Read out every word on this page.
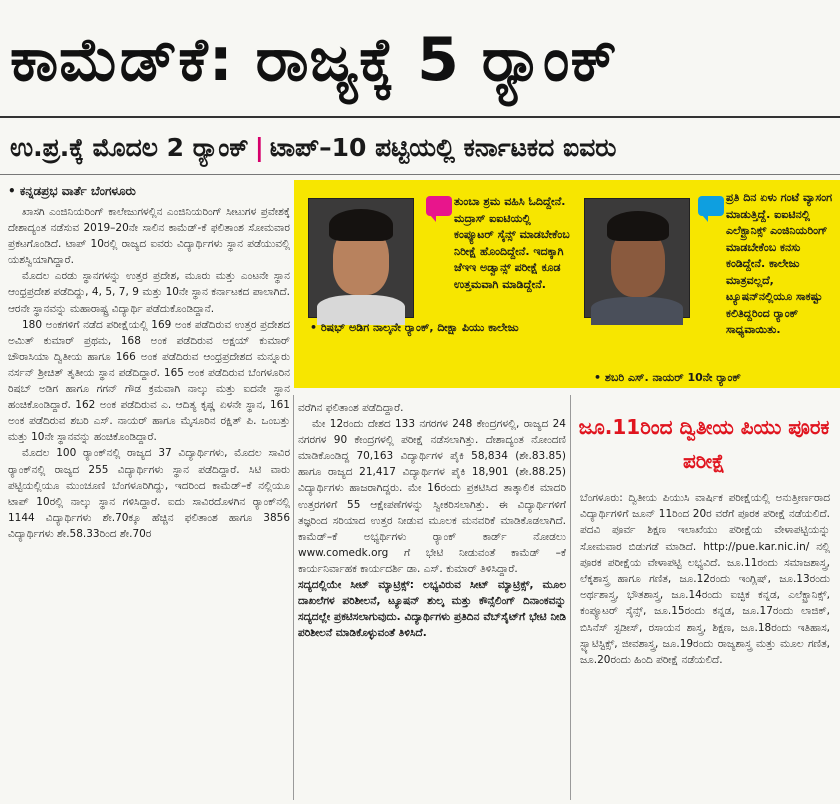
ಕಾಮೆಡ್‌ಕೆ: ರಾಜ್ಯಕ್ಕೆ 5 ರ‍್ಯಾಂಕ್
ಉ.ಪ್ರ.ಕ್ಕೆ ಮೊದಲ 2 ರ‍್ಯಾಂಕ್ | ಟಾಪ್‌–10 ಪಟ್ಟಿಯಲ್ಲಿ ಕರ್ನಾಟಕದ ಐವರು
• ಕನ್ನಡಪ್ರಭ ವಾರ್ತೆ ಬೆಂಗಳೂರು

ಖಾಸಗಿ ಎಂಜಿನಿಯರಿಂಗ್ ಕಾಲೇಜುಗಳಲ್ಲಿನ ಎಂಜಿನಿಯರಿಂಗ್ ಸೀಟುಗಳ ಪ್ರವೇಶಕ್ಕೆ ದೇಶಾದ್ಯಂತ ನಡೆಸುವ 2019–20ನೇ ಸಾಲಿನ ಕಾಮೆಡ್-ಕೆ ಫಲಿತಾಂಶ ಸೋಮವಾರ ಪ್ರಕಟಗೊಂಡಿದೆ. ಟಾಪ್ 10ರಲ್ಲಿ ರಾಜ್ಯದ ಐವರು ವಿದ್ಯಾರ್ಥಿಗಳು ಸ್ಥಾನ ಪಡೆಯುವಲ್ಲಿ ಯಶಸ್ವಿಯಾಗಿದ್ದಾರೆ.

ಮೊದಲ ಎರಡು ಸ್ಥಾನಗಳನ್ನು ಉತ್ತರ ಪ್ರದೇಶ, ಮೂರು ಮತ್ತು ಎಂಟನೇ ಸ್ಥಾನ ಆಂಧ್ರಪ್ರದೇಶ ಪಡೆದಿದ್ದು, 4, 5, 7, 9 ಮತ್ತು 10ನೇ ಸ್ಥಾನ ಕರ್ನಾಟಕದ ಪಾಲಾಗಿದೆ. ಆರನೇ ಸ್ಥಾನವನ್ನು ಮಹಾರಾಷ್ಟ್ರ ವಿದ್ಯಾರ್ಥಿ ಪಡೆದುಕೊಂಡಿದ್ದಾನೆ.

180 ಅಂಕಗಳಿಗೆ ನಡೆದ ಪರೀಕ್ಷೆಯಲ್ಲಿ 169 ಅಂಕ ಪಡೆದಿರುವ ಉತ್ತರ ಪ್ರದೇಶದ ಅಮಿತ್ ಕುಮಾರ್ ಪ್ರಥಮ, 168 ಅಂಕ ಪಡೆದಿರುವ ಅಕ್ಷಯ್ ಕುಮಾರ್ ಚೌರಾಸಿಯಾ ದ್ವಿತೀಯ ಹಾಗೂ 166 ಅಂಕ ಪಡೆದಿರುವ ಆಂಧ್ರಪ್ರದೇಶದ ಮನ್ನೂರು ನರ್ಸನ್ ಶ್ರೀಚಿತ್ ತೃತೀಯ ಸ್ಥಾನ ಪಡೆದಿದ್ದಾರೆ. 165 ಅಂಕ ಪಡೆದಿರುವ ಬೆಂಗಳೂರಿನ ರಿಷಬ್ ಅಡಿಗ ಹಾಗೂ ಗಗನ್ ಗೌಡ ಕ್ರಮವಾಗಿ ನಾಲ್ಕು ಮತ್ತು ಐದನೇ ಸ್ಥಾನ ಹಂಚಿಕೊಂಡಿದ್ದಾರೆ. 162 ಅಂಕ ಪಡೆದಿರುವ ಎ. ಆದಿತ್ಯ ಕೃಷ್ಣ ಏಳನೇ ಸ್ಥಾನ, 161 ಅಂಕ ಪಡೆದಿರುವ ಶಬರಿ ಎಸ್. ನಾಯರ್ ಹಾಗೂ ಮೈಸೂರಿನ ರಕ್ಷಿತ್ ಪಿ. ಒಂಬತ್ತು ಮತ್ತು 10ನೇ ಸ್ಥಾನವನ್ನು ಹಂಚಿಕೊಂಡಿದ್ದಾರೆ.

ಮೊದಲ 100 ರ‍್ಯಾಂಕ್‌ನಲ್ಲಿ ರಾಜ್ಯದ 37 ವಿದ್ಯಾರ್ಥಿಗಳು, ಮೊದಲ ಸಾವಿರ ರ‍್ಯಾಂಕ್‌ನಲ್ಲಿ ರಾಜ್ಯದ 255 ವಿದ್ಯಾರ್ಥಿಗಳು ಸ್ಥಾನ ಪಡೆದಿದ್ದಾರೆ. ಸಿಟಿ ವಾರು ಪಟ್ಟಿಯಲ್ಲಿಯೂ ಮುಂಚೂಣಿ ಬೆಂಗಳೂರಿಗಿದ್ದು, ಇದರಿಂದ ಕಾಮೆಡ್–ಕೆ ನಲ್ಲಿಯೂ ಟಾಪ್ 10ರಲ್ಲಿ ನಾಲ್ಕು ಸ್ಥಾನ ಗಳಿಸಿದ್ದಾರೆ. ಐದು ಸಾವಿರದೊಳಗಿನ ರ‍್ಯಾಂಕ್‌ನಲ್ಲಿ 1144 ವಿದ್ಯಾರ್ಥಿಗಳು ಶೇ.70ಕ್ಕೂ ಹೆಚ್ಚಿನ ಫಲಿತಾಂಶ ಹಾಗೂ 3856 ವಿದ್ಯಾರ್ಥಿಗಳು ಶೇ.58.33ರಿಂದ ಶೇ.70ರ

ತುಂಬಾ ಶ್ರಮ ವಹಿಸಿ ಓದಿದ್ದೇನೆ. ಮದ್ರಾಸ್ ಐಐಟಿಯಲ್ಲಿ ಕಂಪ್ಯೂಟರ್ ಸೈನ್ಸ್ ಮಾಡಬೇಕೆಂಬ ನಿರೀಕ್ಷೆ ಹೊಂದಿದ್ದೇನೆ. ಇದಕ್ಕಾಗಿ ಜೆಇಇ ಅಡ್ವಾನ್ಸ್ ಪರೀಕ್ಷೆ ಕೂಡ ಉತ್ತಮವಾಗಿ ಮಾಡಿದ್ದೇನೆ.
• ರಿಷಭ್ ಅಡಿಗ ನಾಲ್ಕನೇ ರ‍್ಯಾಂಕ್, ದೀಕ್ಷಾ ಪಿಯು ಕಾಲೇಜು
ಪ್ರತಿ ದಿನ ಏಳು ಗಂಟೆ ವ್ಯಾಸಂಗ ಮಾಡುತ್ತಿದ್ದೆ. ಐಐಟಿನಲ್ಲಿ ಎಲೆಕ್ಟ್ರಾನಿಕ್ಸ್ ಎಂಜಿನಿಯರಿಂಗ್ ಮಾಡಬೇಕೆಂಬ ಕನಸು ಕಂಡಿದ್ದೇನೆ. ಕಾಲೇಜು ಮಾತ್ರವಲ್ಲದೆ, ಟ್ಯೂಷನ್‌ನಲ್ಲಿಯೂ ಸಾಕಷ್ಟು ಕಲಿತಿದ್ದರಿಂದ ರ‍್ಯಾಂಕ್ ಸಾಧ್ಯವಾಯಿತು.
• ಶಬರಿ ಎಸ್. ನಾಯರ್ 10ನೇ ರ‍್ಯಾಂಕ್

ವರೆಗಿನ ಫಲಿತಾಂಶ ಪಡೆದಿದ್ದಾರೆ.

ಮೇ 12ರಂದು ದೇಶದ 133 ನಗರಗಳ 248 ಕೇಂದ್ರಗಳಲ್ಲಿ, ರಾಜ್ಯದ 24 ನಗರಗಳ 90 ಕೇಂದ್ರಗಳಲ್ಲಿ ಪರೀಕ್ಷೆ ನಡೆಸಲಾಗಿತ್ತು. ದೇಶಾದ್ಯಂತ ನೋಂದಣಿ ಮಾಡಿಕೊಂಡಿದ್ದ 70,163 ವಿದ್ಯಾರ್ಥಿಗಳ ಪೈಕಿ 58,834 (ಶೇ.83.85) ಹಾಗೂ ರಾಜ್ಯದ 21,417 ವಿದ್ಯಾರ್ಥಿಗಳ ಪೈಕಿ 18,901 (ಶೇ.88.25) ವಿದ್ಯಾರ್ಥಿಗಳು ಹಾಜರಾಗಿದ್ದರು. ಮೇ 16ರಂದು ಪ್ರಕಟಿಸಿದ ತಾತ್ಕಾಲಿಕ ಮಾದರಿ ಉತ್ತರಗಳಿಗೆ 55 ಆಕ್ಷೇಪಣೆಗಳನ್ನು ಸ್ವೀಕರಿಸಲಾಗಿತ್ತು. ಈ ವಿದ್ಯಾರ್ಥಿಗಳಿಗೆ ತಜ್ಞರಿಂದ ಸರಿಯಾದ ಉತ್ತರ ನೀಡುವ ಮೂಲಕ ಮನವರಿಕೆ ಮಾಡಿಕೊಡಲಾಗಿದೆ. ಕಾಮೆಡ್–ಕೆ ಅಭ್ಯರ್ಥಿಗಳು ರ‍್ಯಾಂಕ್ ಕಾರ್ಡ್ ನೋಡಲು www.comedk.org ಗೆ ಭೇಟಿ ನೀಡುವಂತೆ ಕಾಮೆಡ್ –ಕೆ ಕಾರ್ಯನಿರ್ವಾಹಕ ಕಾರ್ಯದರ್ಶಿ ಡಾ. ಎಸ್. ಕುಮಾರ್ ತಿಳಿಸಿದ್ದಾರೆ.

ಸದ್ಯದಲ್ಲಿಯೇ ಸೀಟ್ ಮ್ಯಾಟ್ರಿಕ್ಸ್: ಲಭ್ಯವಿರುವ ಸೀಟ್ ಮ್ಯಾಟ್ರಿಕ್ಸ್, ಮೂಲ ದಾಖಲೆಗಳ ಪರಿಶೀಲನೆ, ಟ್ಯೂಷನ್ ಶುಲ್ಕ ಮತ್ತು ಕೌನ್ಸೆಲಿಂಗ್ ದಿನಾಂಕವನ್ನು ಸದ್ಯದಲ್ಲೇ ಪ್ರಕಟಿಸಲಾಗುವುದು. ವಿದ್ಯಾರ್ಥಿಗಳು ಪ್ರತಿದಿನ ವೆಬ್‌ಸೈಟ್‌ಗೆ ಭೇಟಿ ನೀಡಿ ಪರಿಶೀಲನೆ ಮಾಡಿಕೊಳ್ಳುವಂತೆ ತಿಳಿಸಿದೆ.

ಜೂ.11ರಿಂದ ದ್ವಿತೀಯ ಪಿಯು ಪೂರಕ ಪರೀಕ್ಷೆ
ಬೆಂಗಳೂರು: ದ್ವಿತೀಯ ಪಿಯುಸಿ ವಾರ್ಷಿಕ ಪರೀಕ್ಷೆಯಲ್ಲಿ ಅನುತ್ತೀರ್ಣರಾದ ವಿದ್ಯಾರ್ಥಿಗಳಿಗೆ ಜೂನ್ 11ರಿಂದ 20ರ ವರೆಗೆ ಪೂರಕ ಪರೀಕ್ಷೆ ನಡೆಯಲಿದೆ. ಪದವಿ ಪೂರ್ವ ಶಿಕ್ಷಣ ಇಲಾಖೆಯು ಪರೀಕ್ಷೆಯ ವೇಳಾಪಟ್ಟಿಯನ್ನು ಸೋಮವಾರ ಬಿಡುಗಡೆ ಮಾಡಿದೆ. http://pue.kar.nic.in/ ನಲ್ಲಿ ಪೂರಕ ಪರೀಕ್ಷೆಯ ವೇಳಾಪಟ್ಟಿ ಲಭ್ಯವಿದೆ. ಜೂ.11ರಂದು ಸಮಾಜಶಾಸ್ತ್ರ, ಲೆಕ್ಕಶಾಸ್ತ್ರ ಹಾಗೂ ಗಣಿತ, ಜೂ.12ರಂದು ಇಂಗ್ಲಿಷ್, ಜೂ.13ರಂದು ಅರ್ಥಶಾಸ್ತ್ರ, ಭೌತಶಾಸ್ತ್ರ, ಜೂ.14ರಂದು ಐಚ್ಛಿಕ ಕನ್ನಡ, ಎಲೆಕ್ಟ್ರಾನಿಕ್ಸ್, ಕಂಪ್ಯೂಟರ್ ಸೈನ್ಸ್, ಜೂ.15ರಂದು ಕನ್ನಡ, ಜೂ.17ರಂದು ಲಾಜಿಕ್, ಬಿಸಿನೆಸ್ ಸ್ಟಡೀಸ್, ರಸಾಯನ ಶಾಸ್ತ್ರ, ಶಿಕ್ಷಣ, ಜೂ.18ರಂದು ಇತಿಹಾಸ, ಸ್ಟ್ಯಾಟಿಸ್ಟಿಕ್ಸ್, ಜೀವಶಾಸ್ತ್ರ, ಜೂ.19ರಂದು ರಾಜ್ಯಶಾಸ್ತ್ರ ಮತ್ತು ಮೂಲ ಗಣಿತ, ಜೂ.20ರಂದು ಹಿಂದಿ ಪರೀಕ್ಷೆ ನಡೆಯಲಿದೆ.
